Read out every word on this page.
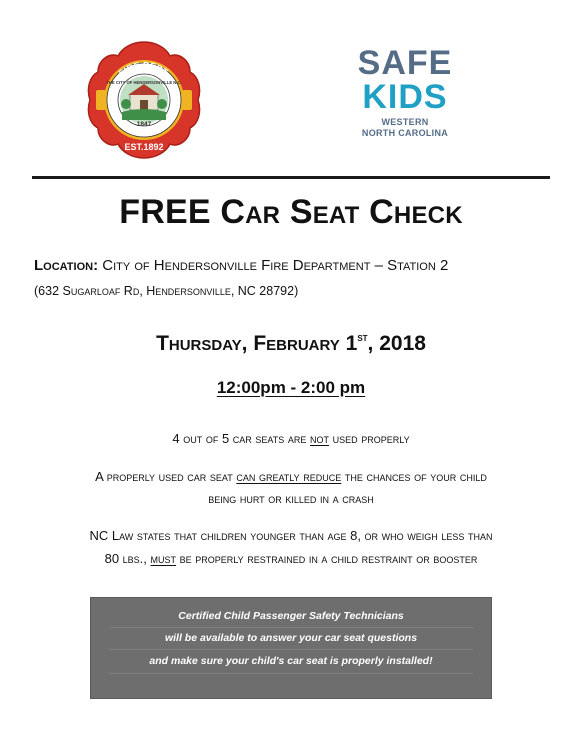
FIRE DEPT.
1847
EST.1892
THE CITY OF HENDERSONVILLE N.C.
SAFE
KIDS
WESTERN
NORTH CAROLINA
FREE Car Seat Check
Location: City of Hendersonville Fire Department – Station 2
(632 Sugarloaf Rd, Hendersonville, NC 28792)
Thursday, February 1st, 2018
12:00pm - 2:00 pm
4 out of 5 car seats are not used properly
A properly used car seat can greatly reduce the chances of your child
being hurt or killed in a crash
NC Law states that children younger than age 8, or who weigh less than
80 lbs., must be properly restrained in a child restraint or booster
Certified Child Passenger Safety Technicians
will be available to answer your car seat questions
and make sure your child's car seat is properly installed!
